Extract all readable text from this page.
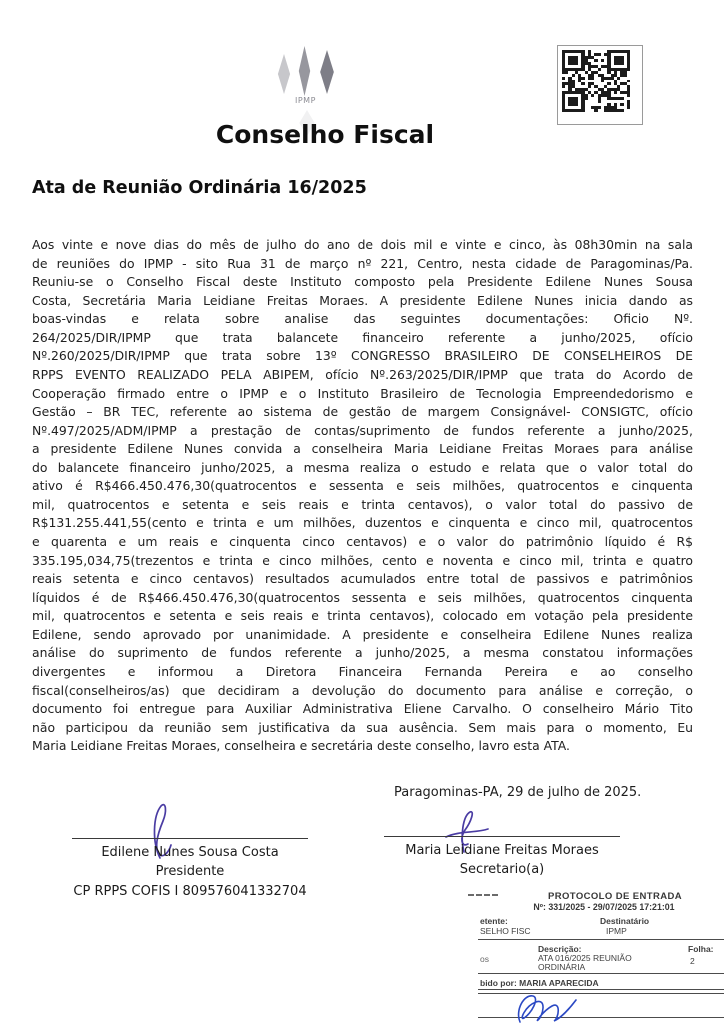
IPMP
Conselho Fiscal
Ata de Reunião Ordinária 16/2025
Aos vinte e nove dias do mês de julho do ano de dois mil e vinte e cinco, às 08h30min na sala
de reuniões do IPMP - sito Rua 31 de março nº 221, Centro, nesta cidade de Paragominas/Pa.
Reuniu-se o Conselho Fiscal deste Instituto composto pela Presidente Edilene Nunes Sousa
Costa, Secretária Maria Leidiane Freitas Moraes. A presidente Edilene Nunes inicia dando as
boas-vindas e relata sobre analise das seguintes documentações: Oficio Nº.
264/2025/DIR/IPMP que trata balancete financeiro referente a junho/2025, ofício
Nº.260/2025/DIR/IPMP que trata sobre 13º CONGRESSO BRASILEIRO DE CONSELHEIROS DE
RPPS EVENTO REALIZADO PELA ABIPEM, ofício Nº.263/2025/DIR/IPMP que trata do Acordo de
Cooperação firmado entre o IPMP e o Instituto Brasileiro de Tecnologia Empreendedorismo e
Gestão – BR TEC, referente ao sistema de gestão de margem Consignável- CONSIGTC, ofício
Nº.497/2025/ADM/IPMP a prestação de contas/suprimento de fundos referente a junho/2025,
a presidente Edilene Nunes convida a conselheira Maria Leidiane Freitas Moraes para análise
do balancete financeiro junho/2025, a mesma realiza o estudo e relata que o valor total do
ativo é R$466.450.476,30(quatrocentos e sessenta e seis milhões, quatrocentos e cinquenta
mil, quatrocentos e setenta e seis reais e trinta centavos), o valor total do passivo de
R$131.255.441,55(cento e trinta e um milhões, duzentos e cinquenta e cinco mil, quatrocentos
e quarenta e um reais e cinquenta cinco centavos) e o valor do patrimônio líquido é R$
335.195,034,75(trezentos e trinta e cinco milhões, cento e noventa e cinco mil, trinta e quatro
reais setenta e cinco centavos) resultados acumulados entre total de passivos e patrimônios
líquidos é de R$466.450.476,30(quatrocentos sessenta e seis milhões, quatrocentos cinquenta
mil, quatrocentos e setenta e seis reais e trinta centavos), colocado em votação pela presidente
Edilene, sendo aprovado por unanimidade. A presidente e conselheira Edilene Nunes realiza
análise do suprimento de fundos referente a junho/2025, a mesma constatou informações
divergentes e informou a Diretora Financeira Fernanda Pereira e ao conselho
fiscal(conselheiros/as) que decidiram a devolução do documento para análise e correção, o
documento foi entregue para Auxiliar Administrativa Eliene Carvalho. O conselheiro Mário Tito
não participou da reunião sem justificativa da sua ausência. Sem mais para o momento, Eu
Maria Leidiane Freitas Moraes, conselheira e secretária deste conselho, lavro esta ATA.
Paragominas-PA, 29 de julho de 2025.
Edilene Nunes Sousa Costa
Presidente
CP RPPS COFIS I 809576041332704
Maria Leidiane Freitas Moraes
Secretario(a)
PROTOCOLO DE ENTRADA
Nº: 331/2025 - 29/07/2025 17:21:01
etente:
SELHO FISC
Destinatário
IPMP
os
Descrição:
ATA 016/2025 REUNIÃO
ORDINÁRIA
Folha:
2
bido por: MARIA APARECIDA
